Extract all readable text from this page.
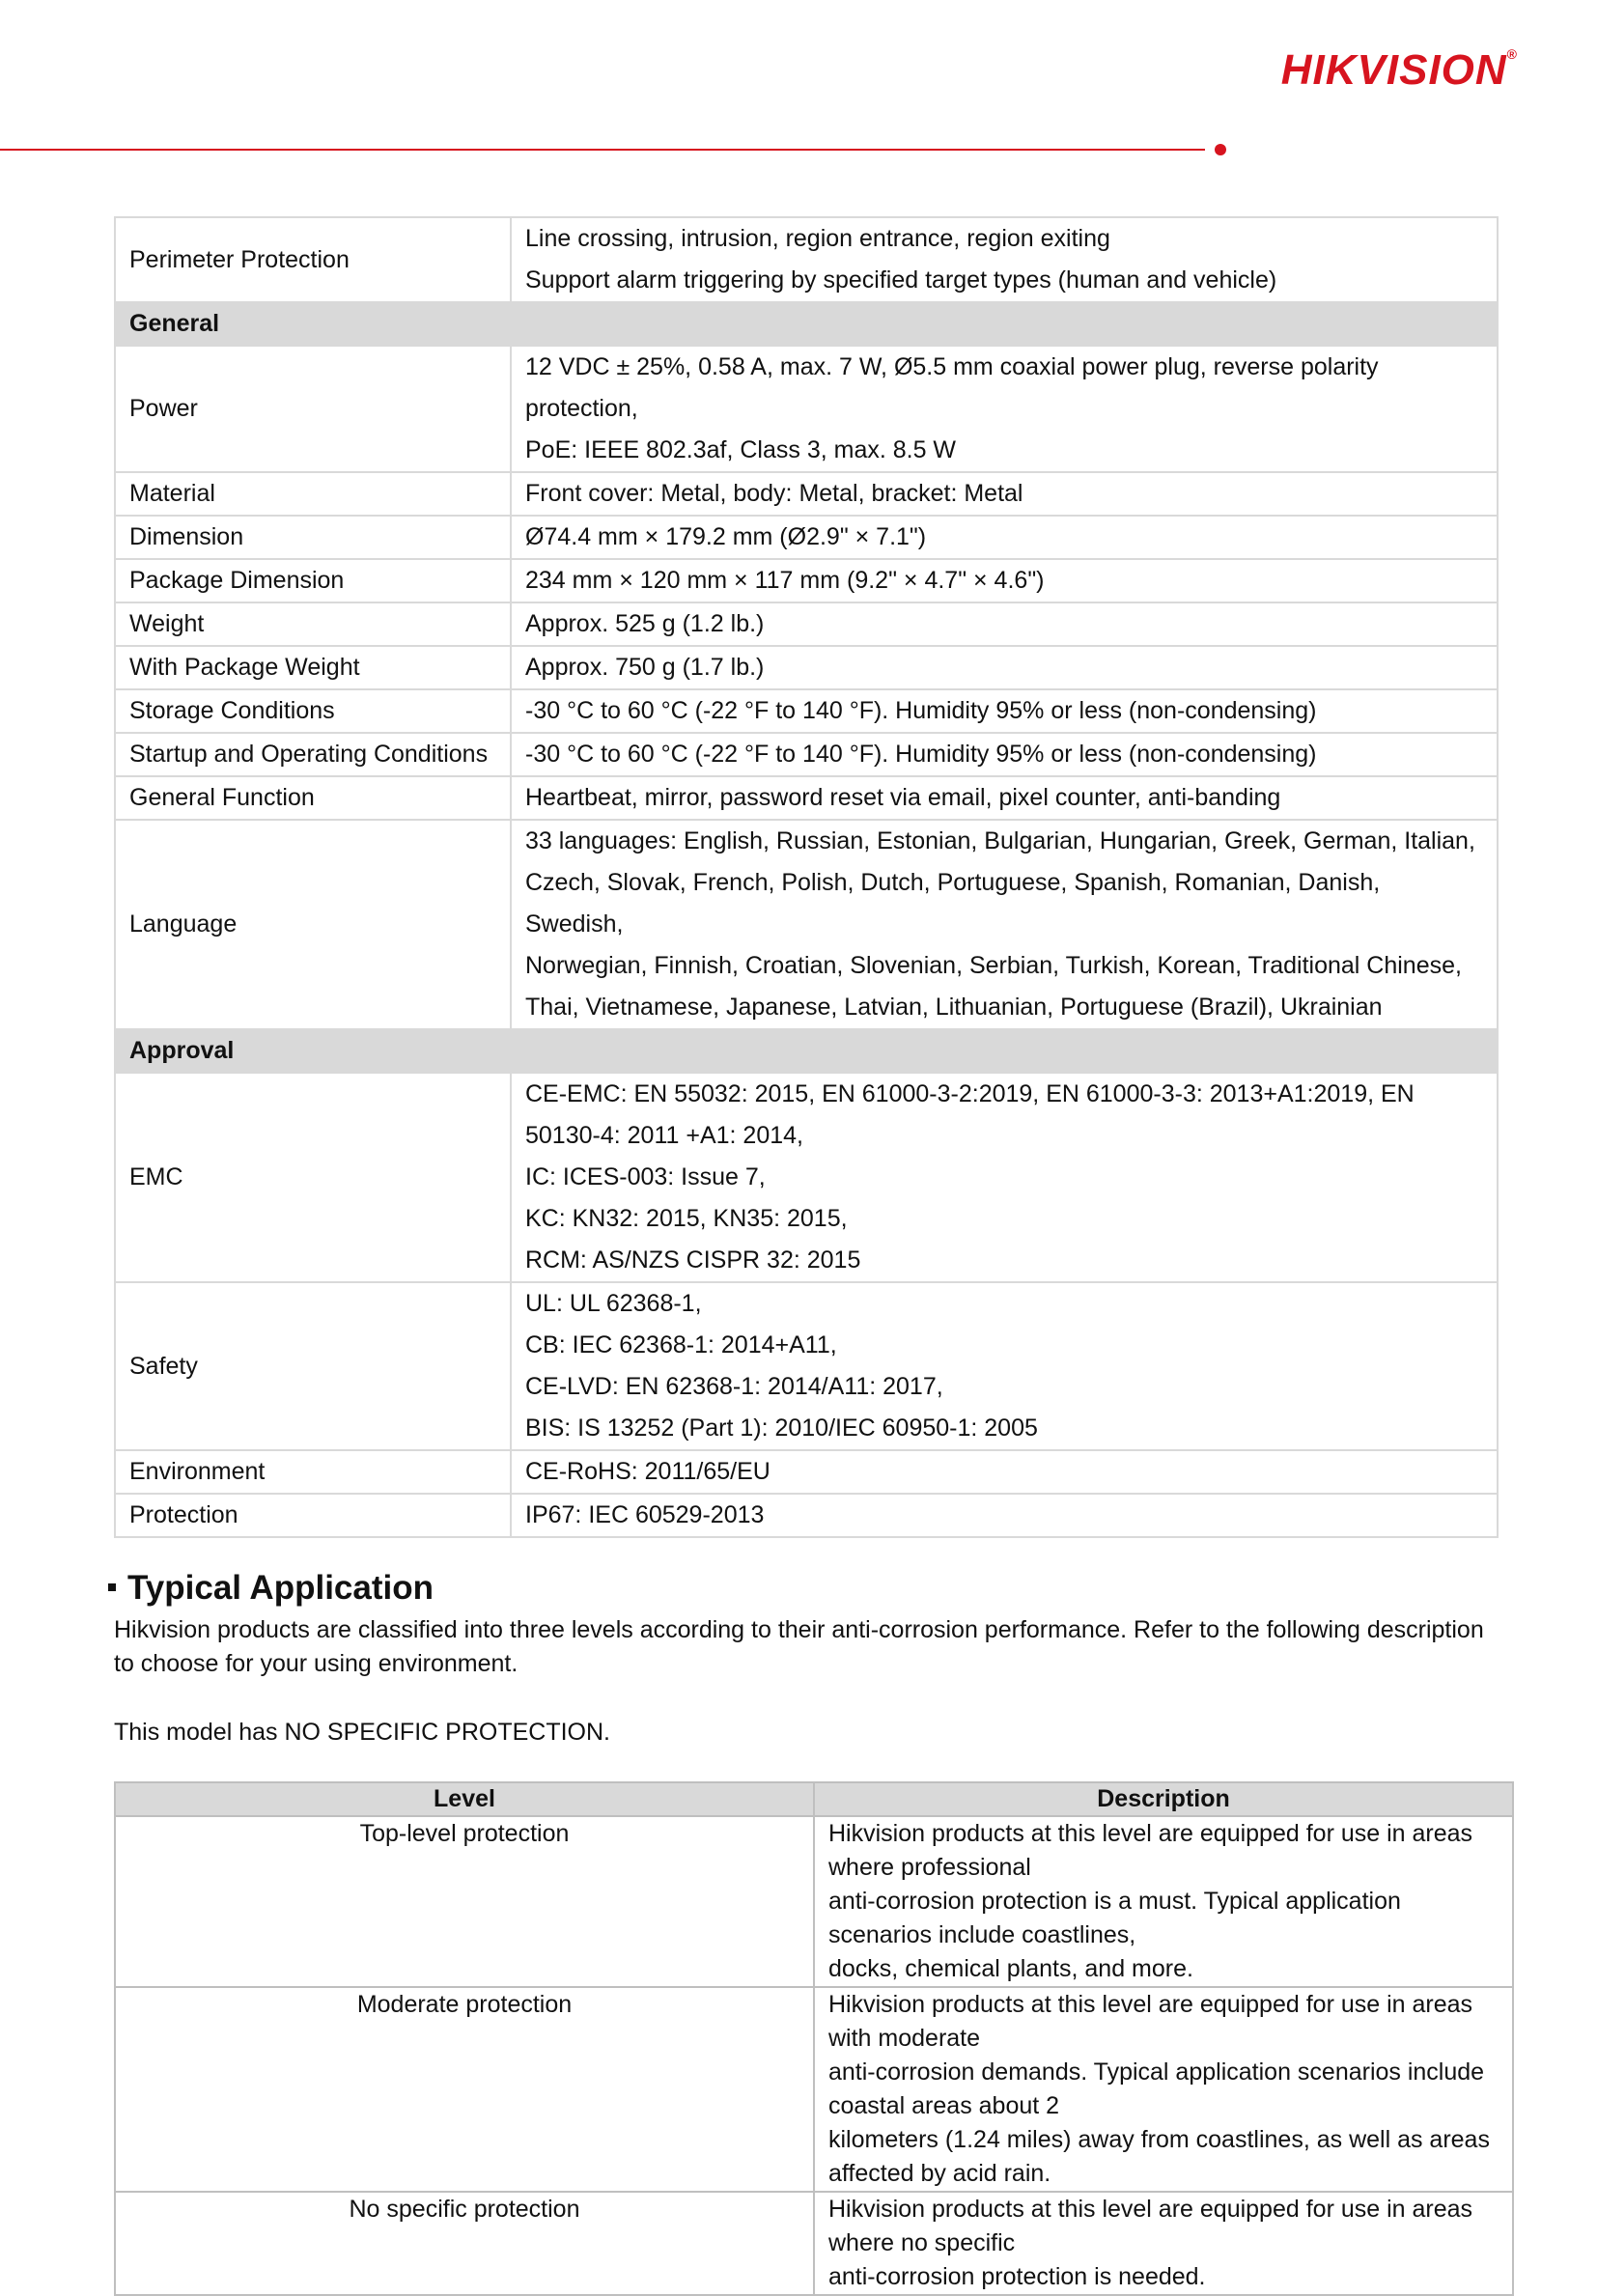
HIKVISION®
Perimeter Protection	Line crossing, intrusion, region entrance, region exiting
Support alarm triggering by specified target types (human and vehicle)

General	
Power	12 VDC ± 25%, 0.58 A, max. 7 W, Ø5.5 mm coaxial power plug, reverse polarity
protection,
PoE: IEEE 802.3af, Class 3, max. 8.5 W

Material	Front cover: Metal, body: Metal, bracket: Metal

Dimension	Ø74.4 mm × 179.2 mm (Ø2.9" × 7.1")

Package Dimension	234 mm × 120 mm × 117 mm (9.2" × 4.7" × 4.6")

Weight	Approx. 525 g (1.2 lb.)

With Package Weight	Approx. 750 g (1.7 lb.)

Storage Conditions	-30 °C to 60 °C (-22 °F to 140 °F). Humidity 95% or less (non-condensing)

Startup and Operating Conditions	-30 °C to 60 °C (-22 °F to 140 °F). Humidity 95% or less (non-condensing)

General Function	Heartbeat, mirror, password reset via email, pixel counter, anti-banding

Language	33 languages: English, Russian, Estonian, Bulgarian, Hungarian, Greek, German, Italian,
Czech, Slovak, French, Polish, Dutch, Portuguese, Spanish, Romanian, Danish, Swedish,
Norwegian, Finnish, Croatian, Slovenian, Serbian, Turkish, Korean, Traditional Chinese,
Thai, Vietnamese, Japanese, Latvian, Lithuanian, Portuguese (Brazil), Ukrainian

Approval	
EMC	CE-EMC: EN 55032: 2015, EN 61000-3-2:2019, EN 61000-3-3: 2013+A1:2019, EN
50130-4: 2011 +A1: 2014,
IC: ICES-003: Issue 7,
KC: KN32: 2015, KN35: 2015,
RCM: AS/NZS CISPR 32: 2015

Safety	UL: UL 62368-1,
CB: IEC 62368-1: 2014+A11,
CE-LVD: EN 62368-1: 2014/A11: 2017,
BIS: IS 13252 (Part 1): 2010/IEC 60950-1: 2005

Environment	CE-RoHS: 2011/65/EU

Protection	IP67: IEC 60529-2013
Typical Application
Hikvision products are classified into three levels according to their anti-corrosion performance. Refer to the following description to choose for your using environment.
This model has NO SPECIFIC PROTECTION.
Level	Description
Top-level protection	Hikvision products at this level are equipped for use in areas where professional
anti-corrosion protection is a must. Typical application scenarios include coastlines,
docks, chemical plants, and more.

Moderate protection	Hikvision products at this level are equipped for use in areas with moderate
anti-corrosion demands. Typical application scenarios include coastal areas about 2
kilometers (1.24 miles) away from coastlines, as well as areas affected by acid rain.

No specific protection	Hikvision products at this level are equipped for use in areas where no specific
anti-corrosion protection is needed.
